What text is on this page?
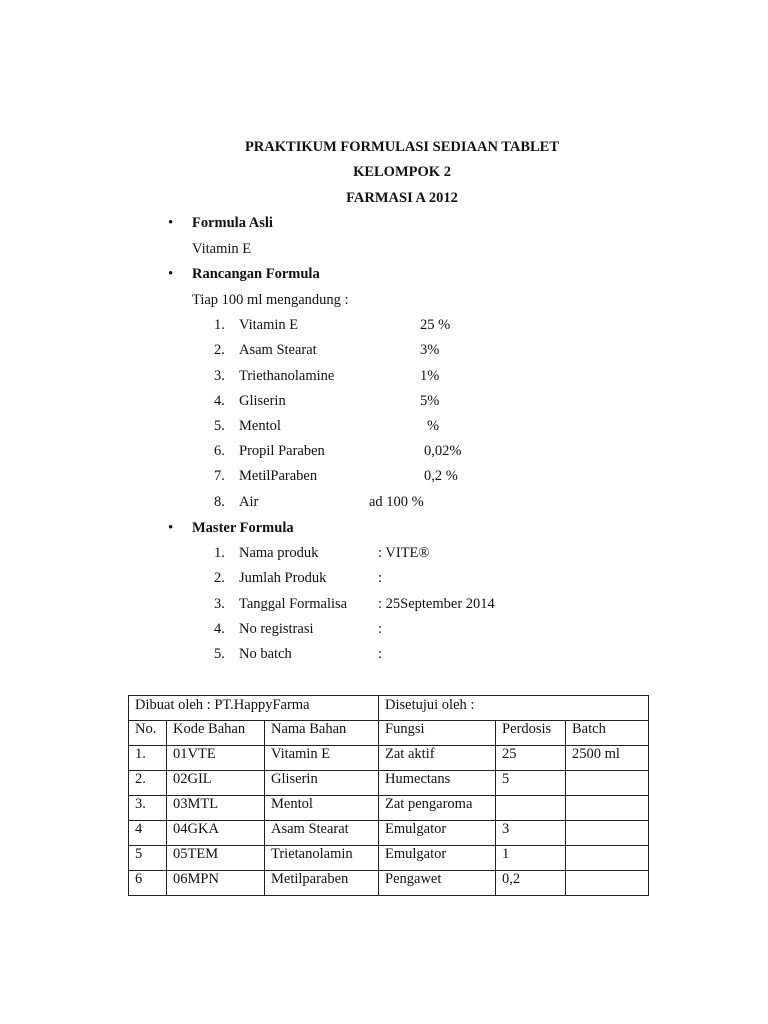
PRAKTIKUM FORMULASI SEDIAAN TABLET
KELOMPOK 2
FARMASI A 2012
• Formula Asli
Vitamin E
• Rancangan Formula
Tiap 100 ml mengandung :
1. Vitamin E	25 %
2. Asam Stearat	3%
3. Triethanolamine	1%
4. Gliserin	5%
5. Mentol	%
6. Propil Paraben	0,02%
7. MetilParaben	0,2 %
8. Air	ad 100 %
• Master Formula
1. Nama produk	: VITE®
2. Jumlah Produk	:
3. Tanggal Formalisa : 25September 2014
4. No registrasi	:
5. No batch	:
Dibuat oleh : PT.HappyFarma			Disetujui oleh :		
No.	Kode Bahan	Nama Bahan	Fungsi	Perdosis	Batch
1.	01VTE	Vitamin E	Zat aktif	25	2500 ml
2.	02GIL	Gliserin	Humectans	5	
3.	03MTL	Mentol	Zat pengaroma		
4	04GKA	Asam Stearat	Emulgator	3	
5	05TEM	Trietanolamin	Emulgator	1	
6	06MPN	Metilparaben	Pengawet	0,2	
